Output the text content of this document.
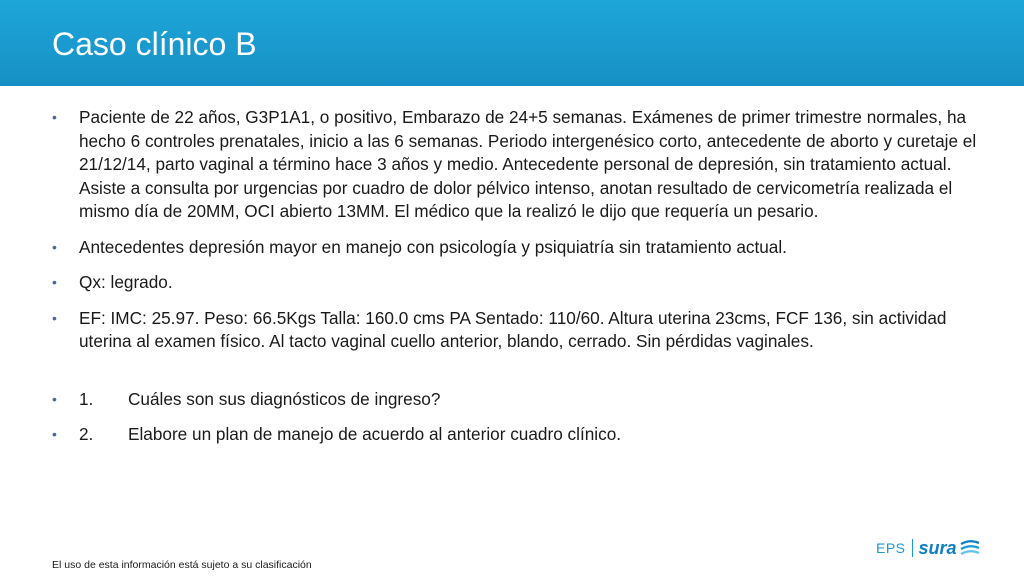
Caso clínico B
• Paciente de 22 años, G3P1A1, o positivo, Embarazo de 24+5 semanas. Exámenes de primer trimestre normales, ha hecho 6 controles prenatales, inicio a las 6 semanas. Periodo intergenésico corto, antecedente de aborto y curetaje el 21/12/14, parto vaginal a término hace 3 años y medio. Antecedente personal de depresión, sin tratamiento actual. Asiste a consulta por urgencias por cuadro de dolor pélvico intenso, anotan resultado de cervicometría realizada el mismo día de 20MM, OCI abierto 13MM. El médico que la realizó le dijo que requería un pesario.
• Antecedentes depresión mayor en manejo con psicología y psiquiatría sin tratamiento actual.
• Qx: legrado.
• EF: IMC: 25.97. Peso: 66.5Kgs Talla: 160.0 cms PA Sentado: 110/60. Altura uterina 23cms, FCF 136, sin actividad uterina al examen físico. Al tacto vaginal cuello anterior, blando, cerrado. Sin pérdidas vaginales.
• 1. Cuáles son sus diagnósticos de ingreso?
• 2. Elabore un plan de manejo de acuerdo al anterior cuadro clínico.
El uso de esta información está sujeto a su clasificación
EPS sura
